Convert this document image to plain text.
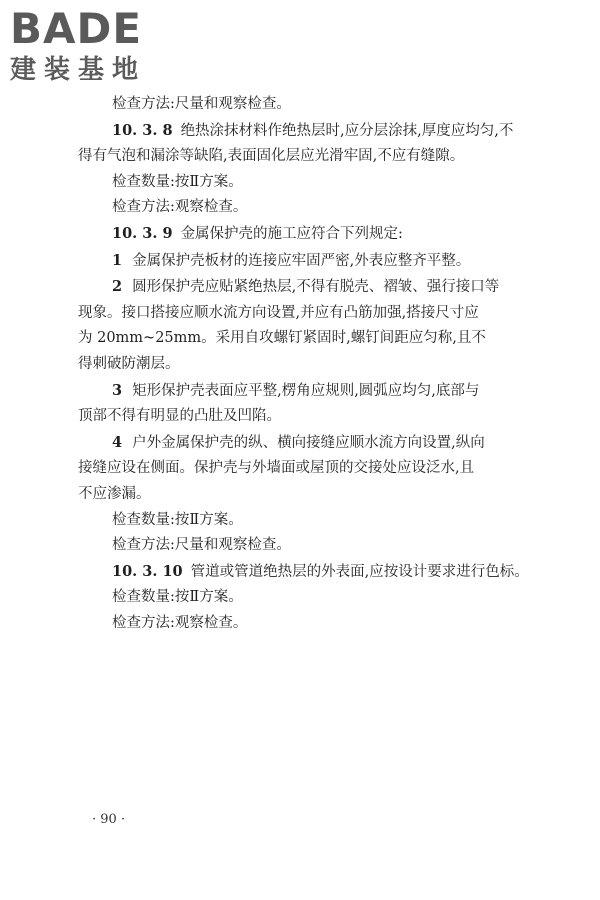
BADE
建装基地
检查方法:尺量和观察检查。
10. 3. 8 绝热涂抹材料作绝热层时,应分层涂抹,厚度应均匀,不
得有气泡和漏涂等缺陷,表面固化层应光滑牢固,不应有缝隙。
检查数量:按Ⅱ方案。
检查方法:观察检查。
10. 3. 9 金属保护壳的施工应符合下列规定:
1 金属保护壳板材的连接应牢固严密,外表应整齐平整。
2 圆形保护壳应贴紧绝热层,不得有脱壳、褶皱、强行接口等
现象。接口搭接应顺水流方向设置,并应有凸筋加强,搭接尺寸应
为 20mm~25mm。采用自攻螺钉紧固时,螺钉间距应匀称,且不
得刺破防潮层。
3 矩形保护壳表面应平整,楞角应规则,圆弧应均匀,底部与
顶部不得有明显的凸肚及凹陷。
4 户外金属保护壳的纵、横向接缝应顺水流方向设置,纵向
接缝应设在侧面。保护壳与外墙面或屋顶的交接处应设泛水,且
不应渗漏。
检查数量:按Ⅱ方案。
检查方法:尺量和观察检查。
10. 3. 10 管道或管道绝热层的外表面,应按设计要求进行色标。
检查数量:按Ⅱ方案。
检查方法:观察检查。
· 90 ·
